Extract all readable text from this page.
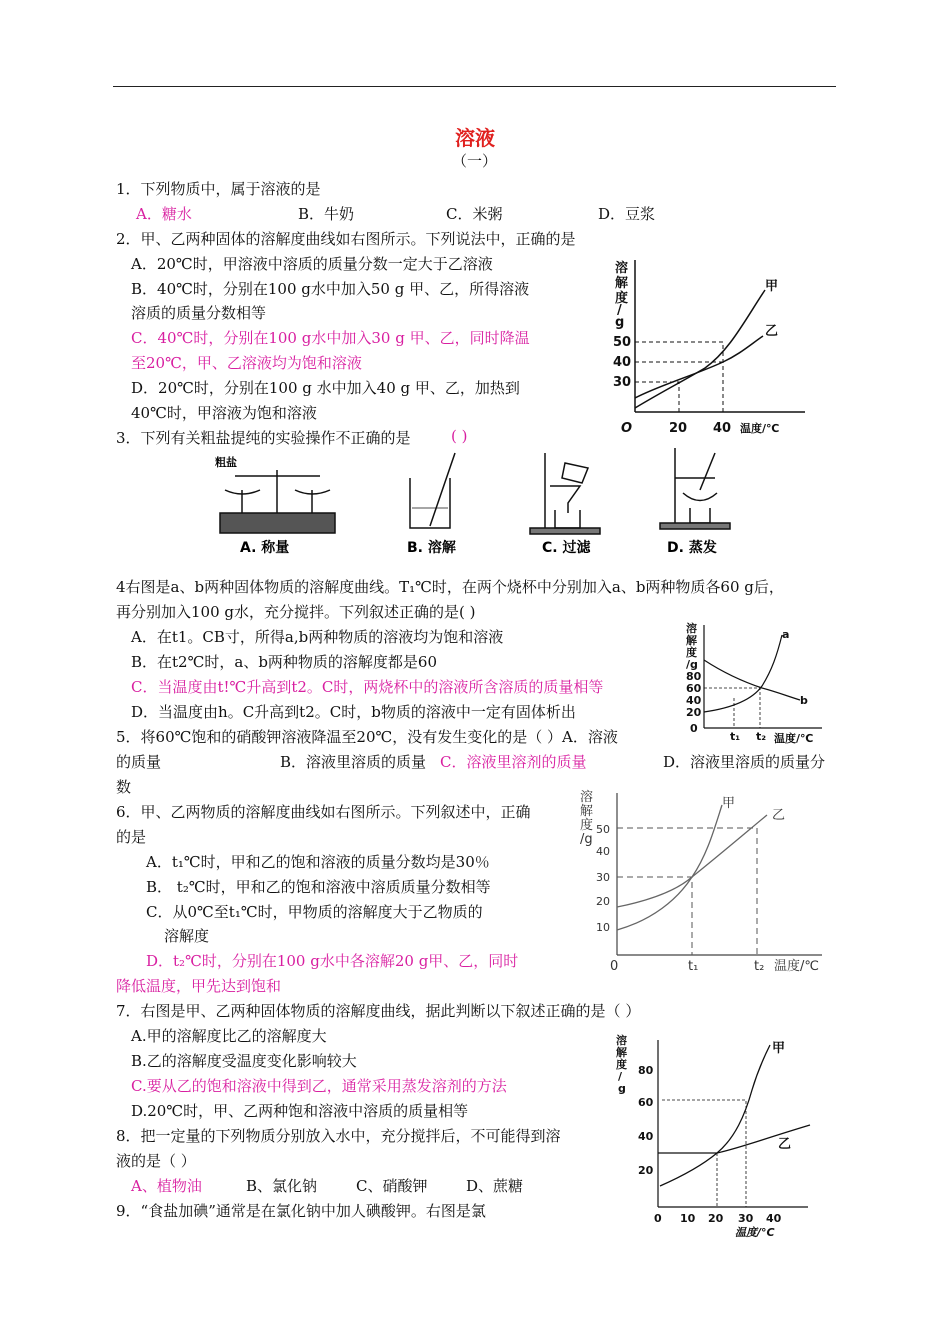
溶液
（一）
1．下列物质中，属于溶液的是
A．糖水	B．牛奶	C．米粥	D．豆浆
2．甲、乙两种固体的溶解度曲线如右图所示。下列说法中，正确的是
A．20℃时，甲溶液中溶质的质量分数一定大于乙溶液
B．40℃时，分别在100 g水中加入50 g 甲、乙，所得溶液
溶质的质量分数相等
C．40℃时，分别在100 g水中加入30 g 甲、乙，同时降温
至20℃，甲、乙溶液均为饱和溶液
D．20℃时，分别在100 g 水中加入40 g 甲、乙，加热到
40℃时，甲溶液为饱和溶液
溶
解
度
/
g
50
40
30
O	20 40 温度/℃
甲
乙
3．下列有关粗盐提纯的实验操作不正确的是	( )
粗盐
A. 称量	B. 溶解	C. 过滤	D. 蒸发
4右图是a、b两种固体物质的溶解度曲线。T₁℃时，在两个烧杯中分别加入a、b两种物质各60 g后，
再分别加入100 g水，充分搅拌。下列叙述正确的是( )
A．在t1。CB寸，所得a,b两种物质的溶液均为饱和溶液
B．在t2℃时，a、b两种物质的溶解度都是60
C．当温度由t!℃升高到t2。C时，两烧杯中的溶液所含溶质的质量相等
D．当温度由h。C升高到t2。C时，b物质的溶液中一定有固体析出
溶
解
度
/g
80
60
40
20
0
t₁ t₂ 温度/℃
a
b
5．将60℃饱和的硝酸钾溶液降温至20℃，没有发生变化的是（ ）A．溶液
的质量	B．溶液里溶质的质量 C．溶液里溶剂的质量	D．溶液里溶质的质量分
数
6．甲、乙两物质的溶解度曲线如右图所示。下列叙述中，正确
的是
A．t₁℃时，甲和乙的饱和溶液的质量分数均是30％
B． t₂℃时，甲和乙的饱和溶液中溶质质量分数相等
C．从0℃至t₁℃时，甲物质的溶解度大于乙物质的
溶解度
D．t₂℃时，分别在100 g水中各溶解20 g甲、乙，同时
降低温度，甲先达到饱和
溶
解
度
/g
50
40
30
20
10
0	t₁	t₂ 温度/℃
甲
乙
7．右图是甲、乙两种固体物质的溶解度曲线，据此判断以下叙述正确的是（ ）
A.甲的溶解度比乙的溶解度大
B.乙的溶解度受温度变化影响较大
C.要从乙的饱和溶液中得到乙，通常采用蒸发溶剂的方法
D.20℃时，甲、乙两种饱和溶液中溶质的质量相等
溶
解
度
/
g
80
60
40
20
0 10 20 30 40
温度/°C
甲
乙
8．把一定量的下列物质分别放入水中，充分搅拌后，不可能得到溶
液的是（ ）
A、植物油	B、氯化钠	C、硝酸钾	D、蔗糖
9．“食盐加碘”通常是在氯化钠中加人碘酸钾。右图是氯
